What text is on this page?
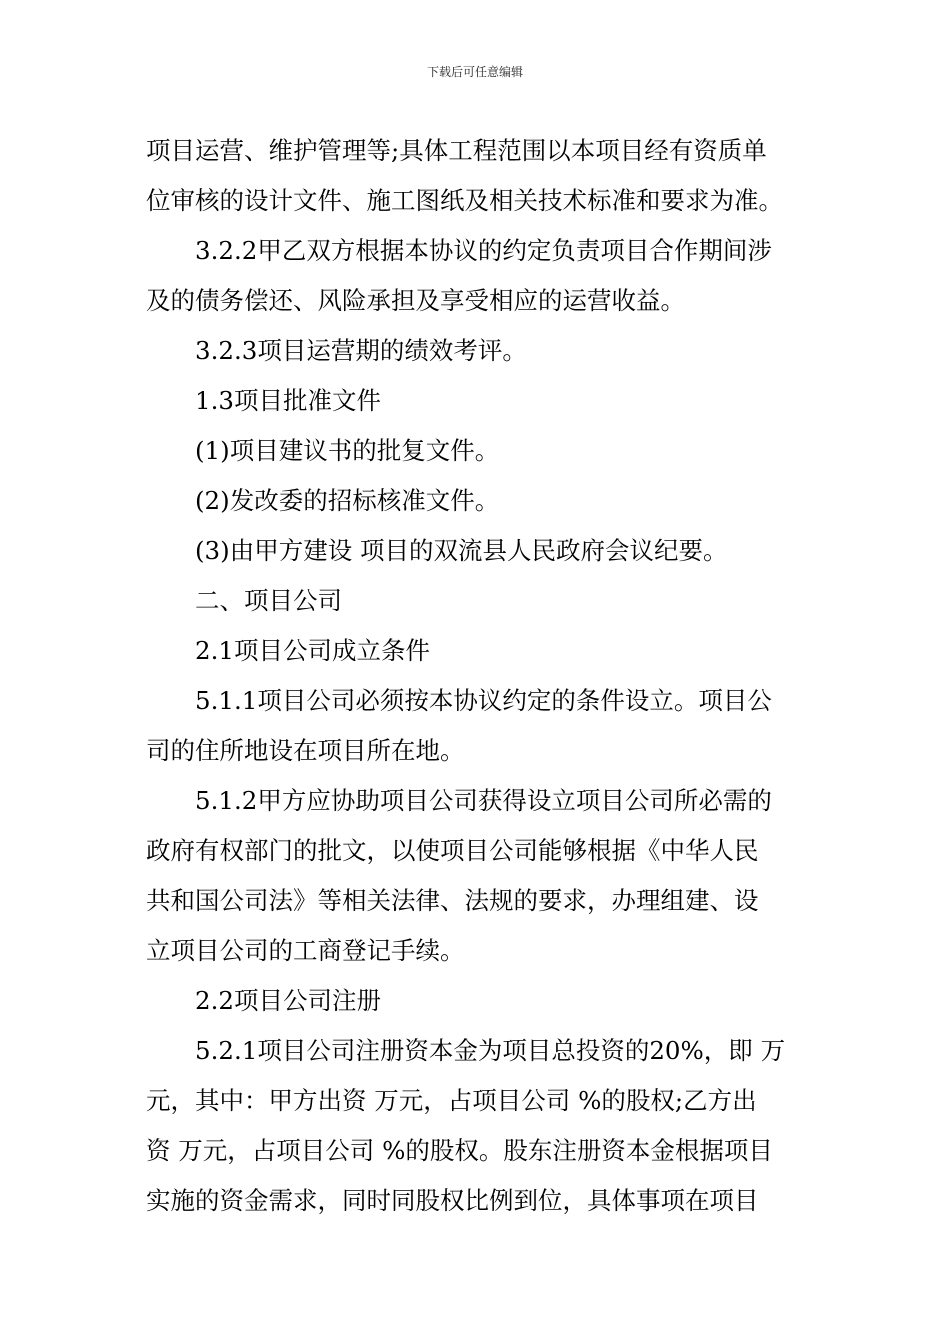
下载后可任意编辑
项目运营、维护管理等;具体工程范围以本项目经有资质单
位审核的设计文件、施工图纸及相关技术标准和要求为准。
3.2.2甲乙双方根据本协议的约定负责项目合作期间涉
及的债务偿还、风险承担及享受相应的运营收益。
3.2.3项目运营期的绩效考评。
1.3项目批准文件
(1)项目建议书的批复文件。
(2)发改委的招标核准文件。
(3)由甲方建设 项目的双流县人民政府会议纪要。
二、项目公司
2.1项目公司成立条件
5.1.1项目公司必须按本协议约定的条件设立。项目公
司的住所地设在项目所在地。
5.1.2甲方应协助项目公司获得设立项目公司所必需的
政府有权部门的批文，以使项目公司能够根据《中华人民
共和国公司法》等相关法律、法规的要求，办理组建、设
立项目公司的工商登记手续。
2.2项目公司注册
5.2.1项目公司注册资本金为项目总投资的20%，即 万
元，其中：甲方出资 万元，占项目公司 %的股权;乙方出
资 万元，占项目公司 %的股权。股东注册资本金根据项目
实施的资金需求，同时同股权比例到位，具体事项在项目
